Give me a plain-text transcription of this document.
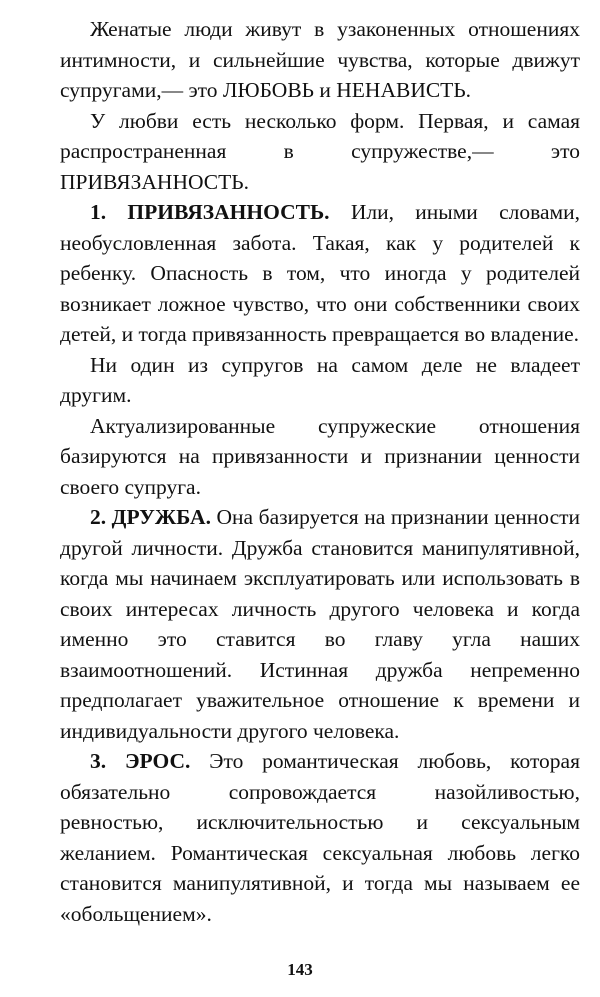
Женатые люди живут в узаконенных отношениях интимности, и сильнейшие чувства, которые движут супругами,— это ЛЮБОВЬ и НЕНАВИСТЬ.

У любви есть несколько форм. Первая, и самая распространенная в супружестве,— это ПРИВЯЗАННОСТЬ.

1. ПРИВЯЗАННОСТЬ. Или, иными словами, необусловленная забота. Такая, как у родителей к ребенку. Опасность в том, что иногда у родителей возникает ложное чувство, что они собственники своих детей, и тогда привязанность превращается во владение.

Ни один из супругов на самом деле не владеет другим.

Актуализированные супружеские отношения базируются на привязанности и признании ценности своего супруга.

2. ДРУЖБА. Она базируется на признании ценности другой личности. Дружба становится манипулятивной, когда мы начинаем эксплуатировать или использовать в своих интересах личность другого человека и когда именно это ставится во главу угла наших взаимоотношений. Истинная дружба непременно предполагает уважительное отношение к времени и индивидуальности другого человека.

3. ЭРОС. Это романтическая любовь, которая обязательно сопровождается назойливостью, ревностью, исключительностью и сексуальным желанием. Романтическая сексуальная любовь легко становится манипулятивной, и тогда мы называем ее «обольщением».

143
